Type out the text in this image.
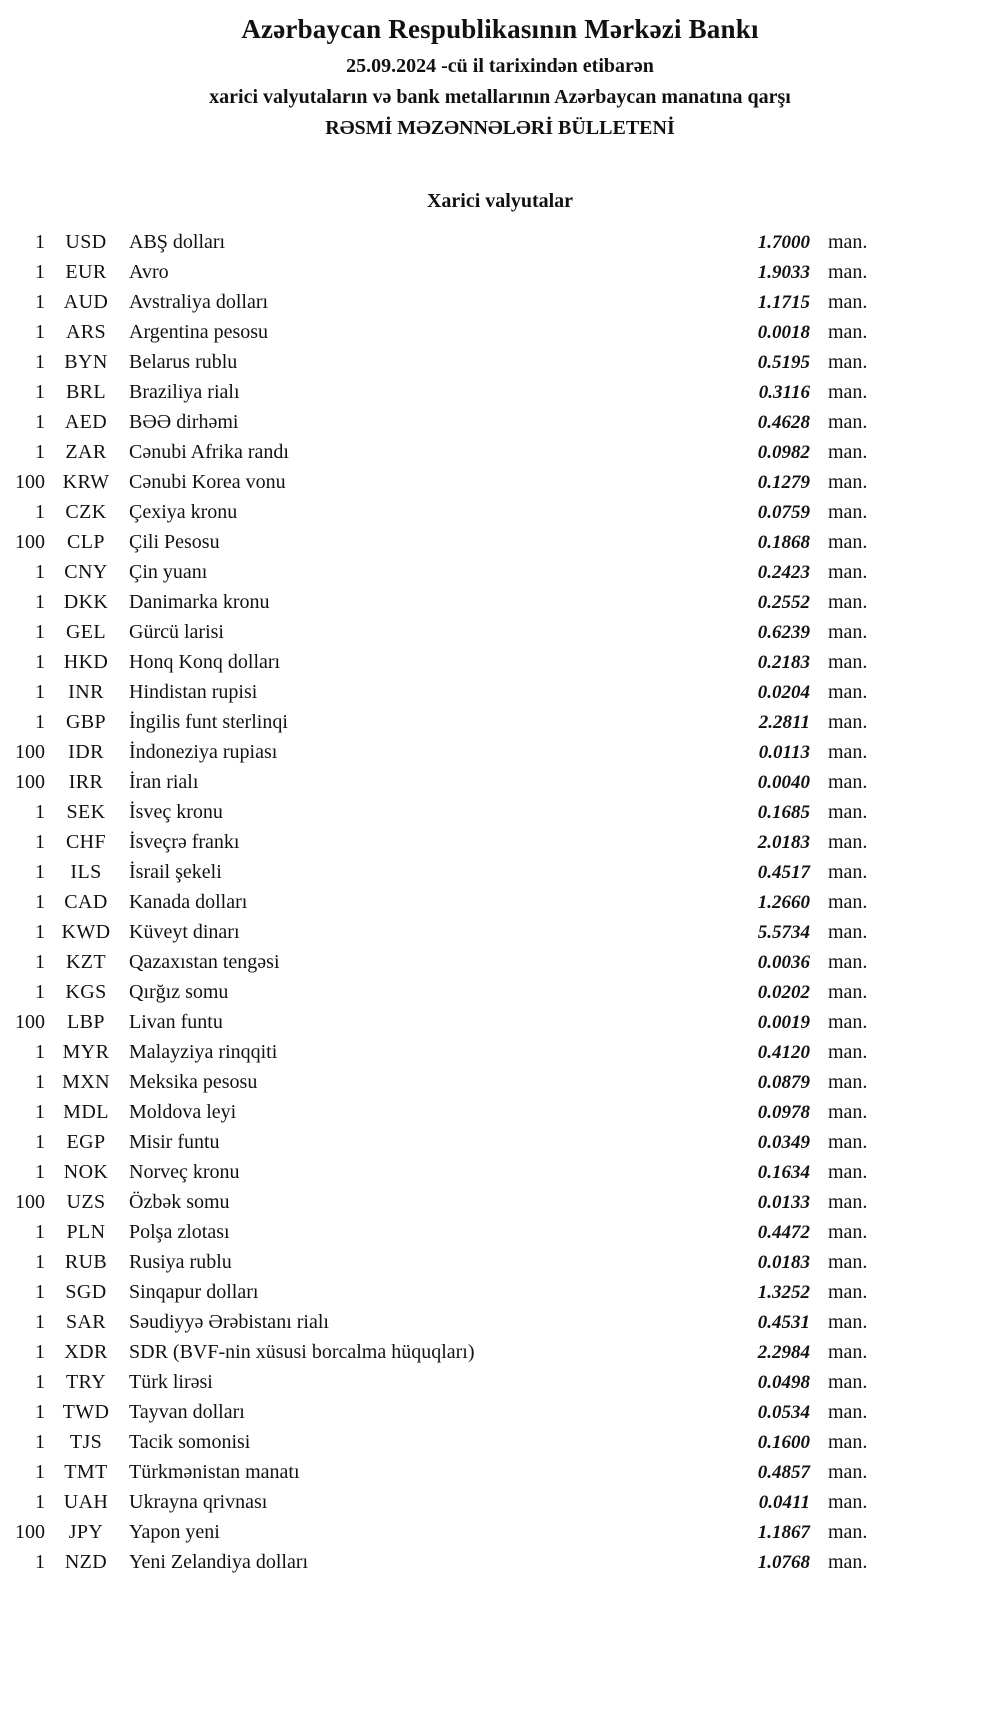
Azərbaycan Respublikasının Mərkəzi Bankı
25.09.2024 -cü il tarixindən etibarən
xarici valyutaların və bank metallarının Azərbaycan manatına qarşı
RƏSMİ MƏZƏNNƏLƏRİ BÜLLETENİ
Xarici valyutalar
1	USD	ABŞ dolları	1.7000 man.
1	EUR	Avro	1.9033 man.
1 AUD	Avstraliya dolları	1.1715 man.
1	ARS	Argentina pesosu	0.0018 man.
1 BYN	Belarus rublu	0.5195 man.
1	BRL	Braziliya rialı	0.3116 man.
1 AED	BƏƏ dirhəmi	0.4628 man.
1	ZAR	Cənubi Afrika randı	0.0982 man.
100 KRW Cənubi Korea vonu	0.1279 man.
1	CZK	Çexiya kronu	0.0759 man.
100	CLP	Çili Pesosu	0.1868 man.
1 CNY	Çin yuanı	0.2423 man.
1 DKK	Danimarka kronu	0.2552 man.
1	GEL	Gürcü larisi	0.6239 man.
1 HKD	Honq Konq dolları	0.2183 man.
1	INR	Hindistan rupisi	0.0204 man.
1	GBP	İngilis funt sterlinqi	2.2811 man.
100	IDR	İndoneziya rupiası	0.0113 man.
100	IRR	İran rialı	0.0040 man.
1	SEK	İsveç kronu	0.1685 man.
1	CHF	İsveçrə frankı	2.0183 man.
1	ILS	İsrail şekeli	0.4517 man.
1 CAD	Kanada dolları	1.2660 man.
1 KWD Küveyt dinarı	5.5734 man.
1	KZT	Qazaxıstan tengəsi	0.0036 man.
1	KGS	Qırğız somu	0.0202 man.
100	LBP	Livan funtu	0.0019 man.
1 MYR Malayziya rinqqiti	0.4120 man.
1 MXN Meksika pesosu	0.0879 man.
1 MDL	Moldova leyi	0.0978 man.
1	EGP	Misir funtu	0.0349 man.
1 NOK	Norveç kronu	0.1634 man.
100	UZS	Özbək somu	0.0133 man.
1	PLN	Polşa zlotası	0.4472 man.
1 RUB	Rusiya rublu	0.0183 man.
1	SGD	Sinqapur dolları	1.3252 man.
1	SAR	Səudiyyə Ərəbistanı rialı	0.4531 man.
1 XDR	SDR (BVF-nin xüsusi borcalma hüquqları)	2.2984 man.
1	TRY	Türk lirəsi	0.0498 man.
1 TWD Tayvan dolları	0.0534 man.
1	TJS	Tacik somonisi	0.1600 man.
1 TMT	Türkmənistan manatı	0.4857 man.
1 UAH	Ukrayna qrivnası	0.0411 man.
100	JPY	Yapon yeni	1.1867 man.
1 NZD	Yeni Zelandiya dolları	1.0768 man.
